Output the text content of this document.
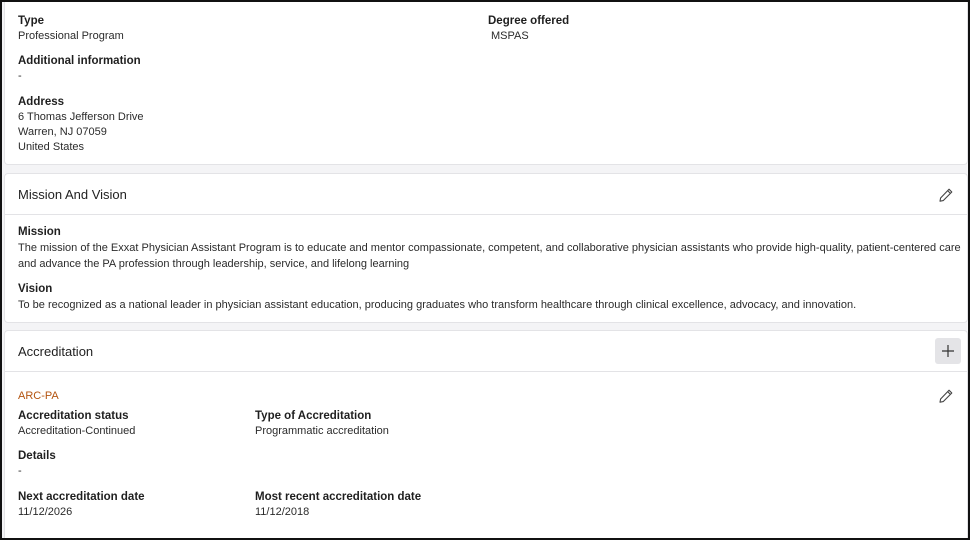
Type
Professional Program
Degree offered
MSPAS
Additional information
-
Address
6 Thomas Jefferson Drive
Warren, NJ 07059
United States
Mission And Vision
Mission
The mission of the Exxat Physician Assistant Program is to educate and mentor compassionate, competent, and collaborative physician assistants who provide high-quality, patient-centered care and advance the PA profession through leadership, service, and lifelong learning
Vision
To be recognized as a national leader in physician assistant education, producing graduates who transform healthcare through clinical excellence, advocacy, and innovation.
Accreditation
ARC-PA
Accreditation status
Accreditation-Continued
Type of Accreditation
Programmatic accreditation
Details
-
Next accreditation date
11/12/2026
Most recent accreditation date
11/12/2018
